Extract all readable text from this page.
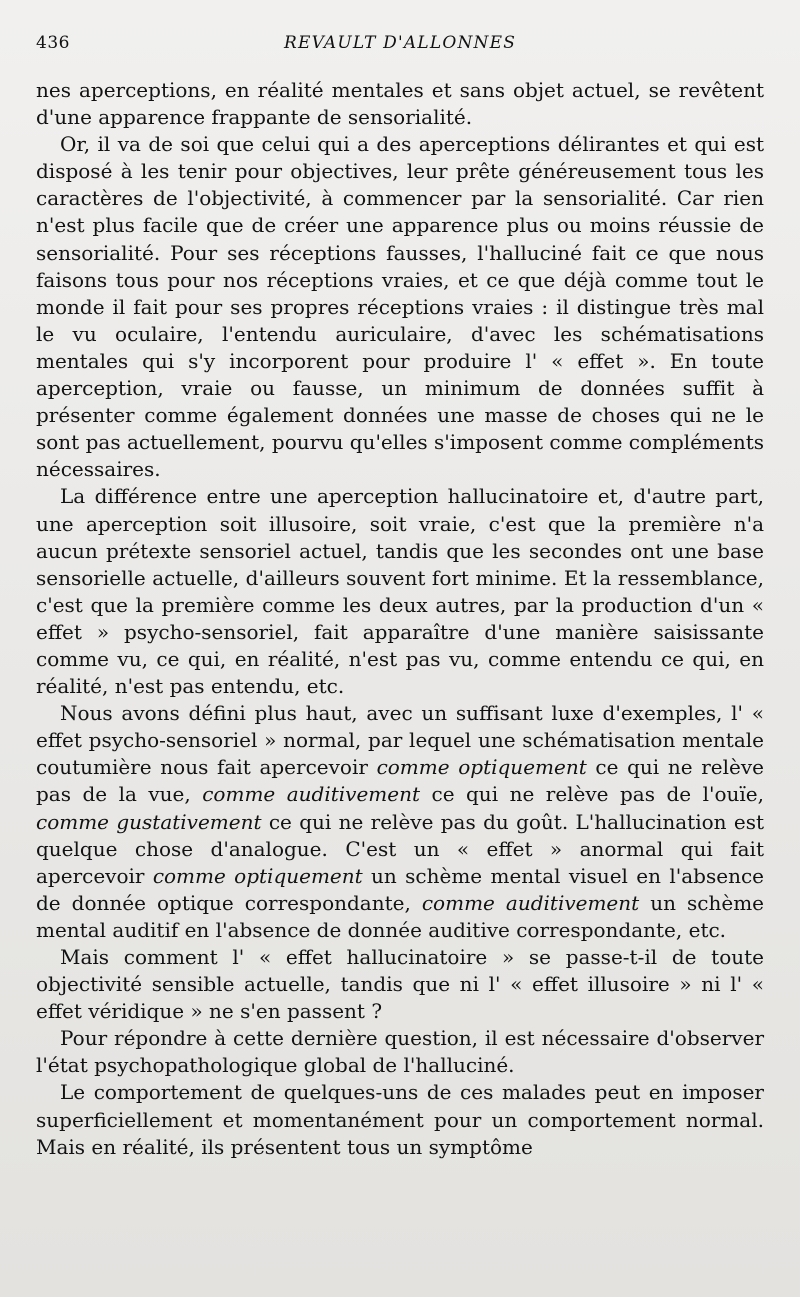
436	REVAULT D'ALLONNES

nes aperceptions, en réalité mentales et sans objet actuel, se revêtent d'une apparence frappante de sensorialité.

Or, il va de soi que celui qui a des aperceptions délirantes et qui est disposé à les tenir pour objectives, leur prête généreusement tous les caractères de l'objectivité, à commencer par la sensorialité. Car rien n'est plus facile que de créer une apparence plus ou moins réussie de sensorialité. Pour ses réceptions fausses, l'halluciné fait ce que nous faisons tous pour nos réceptions vraies, et ce que déjà comme tout le monde il fait pour ses propres réceptions vraies : il distingue très mal le vu oculaire, l'entendu auriculaire, d'avec les schématisations mentales qui s'y incorporent pour produire l' « effet ». En toute aperception, vraie ou fausse, un minimum de données suffit à présenter comme également données une masse de choses qui ne le sont pas actuellement, pourvu qu'elles s'imposent comme compléments nécessaires.

La différence entre une aperception hallucinatoire et, d'autre part, une aperception soit illusoire, soit vraie, c'est que la première n'a aucun prétexte sensoriel actuel, tandis que les secondes ont une base sensorielle actuelle, d'ailleurs souvent fort minime. Et la ressemblance, c'est que la première comme les deux autres, par la production d'un « effet » psycho-sensoriel, fait apparaître d'une manière saisissante comme vu, ce qui, en réalité, n'est pas vu, comme entendu ce qui, en réalité, n'est pas entendu, etc.

Nous avons défini plus haut, avec un suffisant luxe d'exemples, l' « effet psycho-sensoriel » normal, par lequel une schématisation mentale coutumière nous fait apercevoir comme optiquement ce qui ne relève pas de la vue, comme auditivement ce qui ne relève pas de l'ouïe, comme gustativement ce qui ne relève pas du goût. L'hallucination est quelque chose d'analogue. C'est un « effet » anormal qui fait apercevoir comme optiquement un schème mental visuel en l'absence de donnée optique correspondante, comme auditivement un schème mental auditif en l'absence de donnée auditive correspondante, etc.

Mais comment l' « effet hallucinatoire » se passe-t-il de toute objectivité sensible actuelle, tandis que ni l' « effet illusoire » ni l' « effet véridique » ne s'en passent ?

Pour répondre à cette dernière question, il est nécessaire d'observer l'état psychopathologique global de l'halluciné.

Le comportement de quelques-uns de ces malades peut en imposer superficiellement et momentanément pour un comportement normal. Mais en réalité, ils présentent tous un symptôme
